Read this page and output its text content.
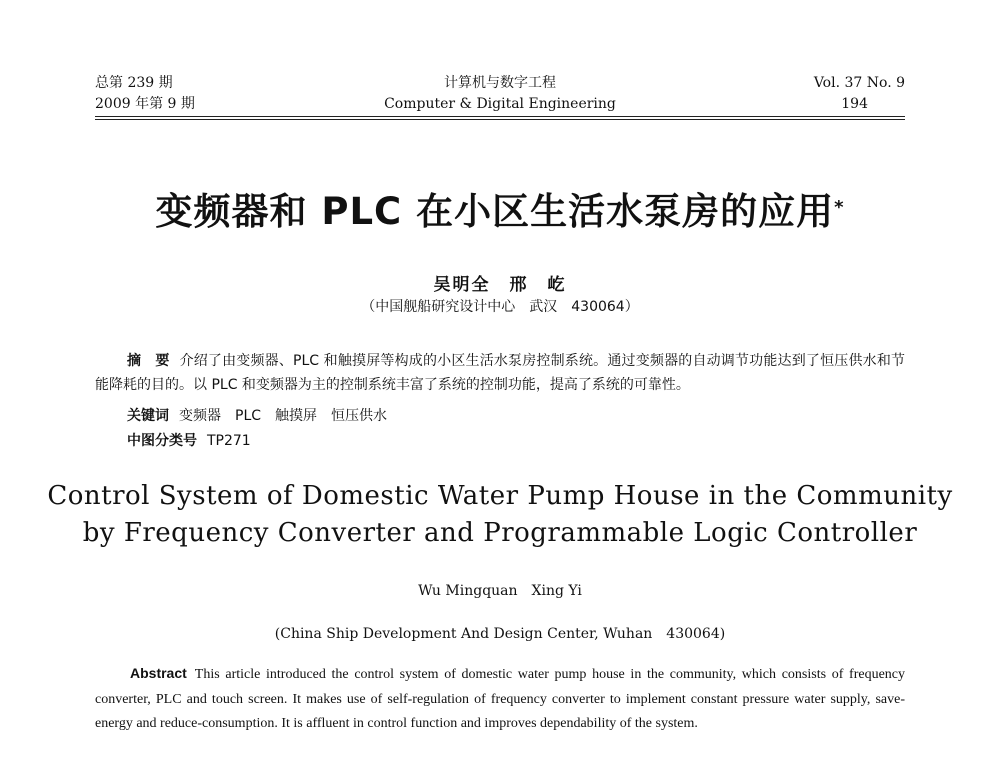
总第 239 期
2009 年第 9 期
计算机与数字工程
Computer & Digital Engineering
Vol. 37 No. 9
194
变频器和 PLC 在小区生活水泵房的应用*
吴明全　邢　屹
（中国舰船研究设计中心　武汉　430064）
摘　要 介绍了由变频器、PLC 和触摸屏等构成的小区生活水泵房控制系统。通过变频器的自动调节功能达到了恒压供水和节能降耗的目的。以 PLC 和变频器为主的控制系统丰富了系统的控制功能，提高了系统的可靠性。
关键词 变频器　PLC　触摸屏　恒压供水
中图分类号 TP271
Control System of Domestic Water Pump House in the Community
by Frequency Converter and Programmable Logic Controller
Wu Mingquan　Xing Yi
(China Ship Development And Design Center, Wuhan　430064)
Abstract This article introduced the control system of domestic water pump house in the community, which consists of frequency converter, PLC and touch screen. It makes use of self-regulation of frequency converter to implement constant pressure water supply, save-energy and reduce-consumption. It is affluent in control function and improves dependability of the system.
